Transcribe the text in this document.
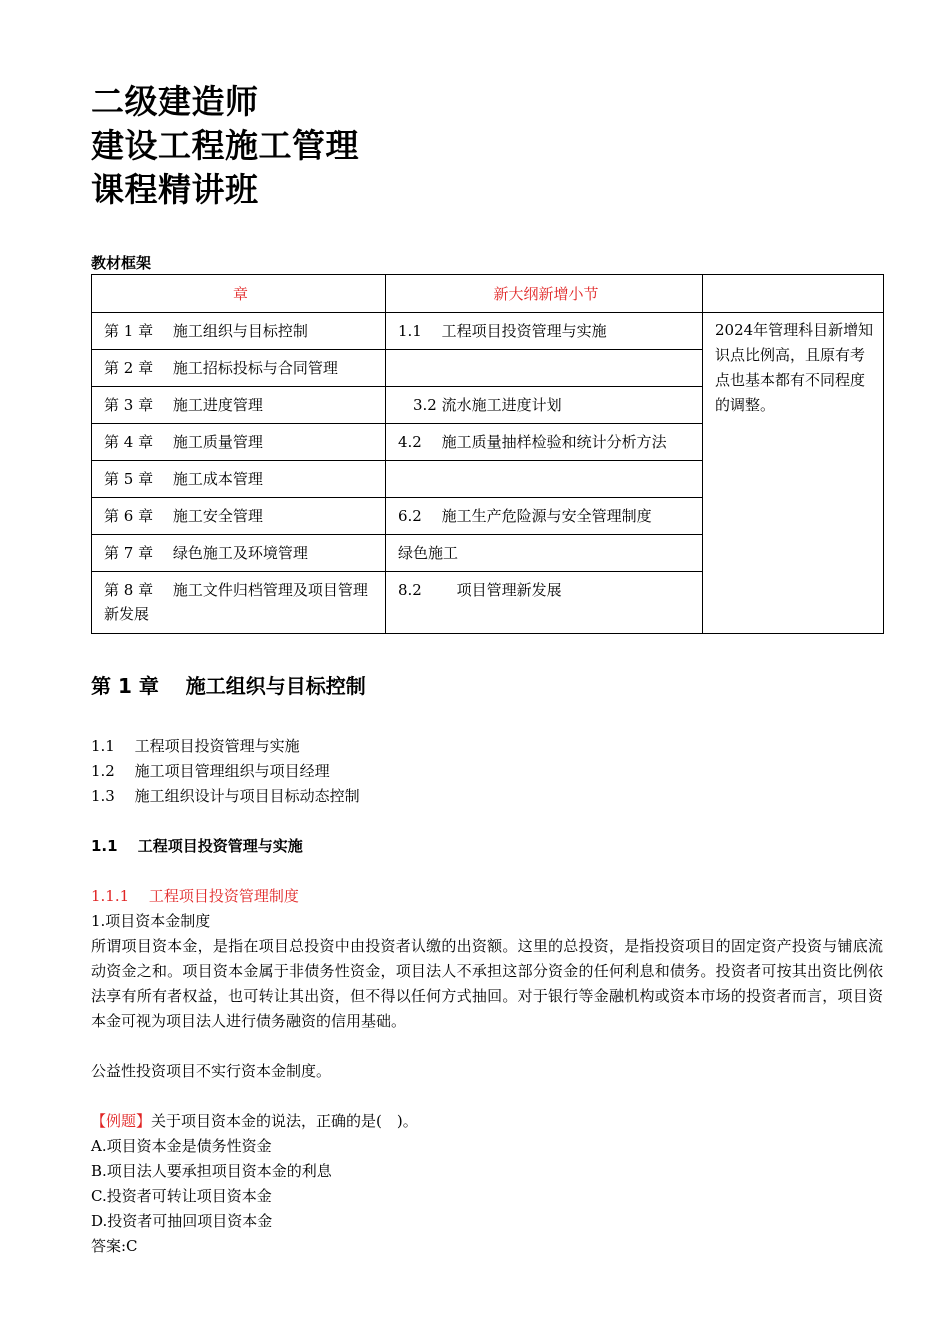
二级建造师

建设工程施工管理

课程精讲班

教材框架

章	新大纲新增小节	
第 1 章　 施工组织与目标控制	1.1　 工程项目投资管理与实施	2024年管理科目新增知识点比例高，且原有考点也基本都有不同程度的调整。
第 2 章　 施工招标投标与合同管理		
第 3 章　 施工进度管理	　3.2 流水施工进度计划	
第 4 章　 施工质量管理	4.2　 施工质量抽样检验和统计分析方法	
第 5 章　 施工成本管理		
第 6 章　 施工安全管理	6.2　 施工生产危险源与安全管理制度	
第 7 章　 绿色施工及环境管理	绿色施工	
第 8 章　 施工文件归档管理及项目管理新发展	8.2 　　项目管理新发展	
第 1 章　 施工组织与目标控制
1.1　 工程项目投资管理与实施
1.2　 施工项目管理组织与项目经理
1.3　 施工组织设计与项目目标动态控制
1.1　 工程项目投资管理与实施

1.1.1　 工程项目投资管理制度

1.项目资本金制度

所谓项目资本金，是指在项目总投资中由投资者认缴的出资额。这里的总投资，是指投资项目的固定资产投资与铺底流动资金之和。项目资本金属于非债务性资金，项目法人不承担这部分资金的任何利息和债务。投资者可按其出资比例依法享有所有者权益，也可转让其出资，但不得以任何方式抽回。对于银行等金融机构或资本市场的投资者而言，项目资本金可视为项目法人进行债务融资的信用基础。

公益性投资项目不实行资本金制度。

【例题】关于项目资本金的说法，正确的是(　)。

A.项目资本金是债务性资金

B.项目法人要承担项目资本金的利息

C.投资者可转让项目资本金

D.投资者可抽回项目资本金

答案:C
